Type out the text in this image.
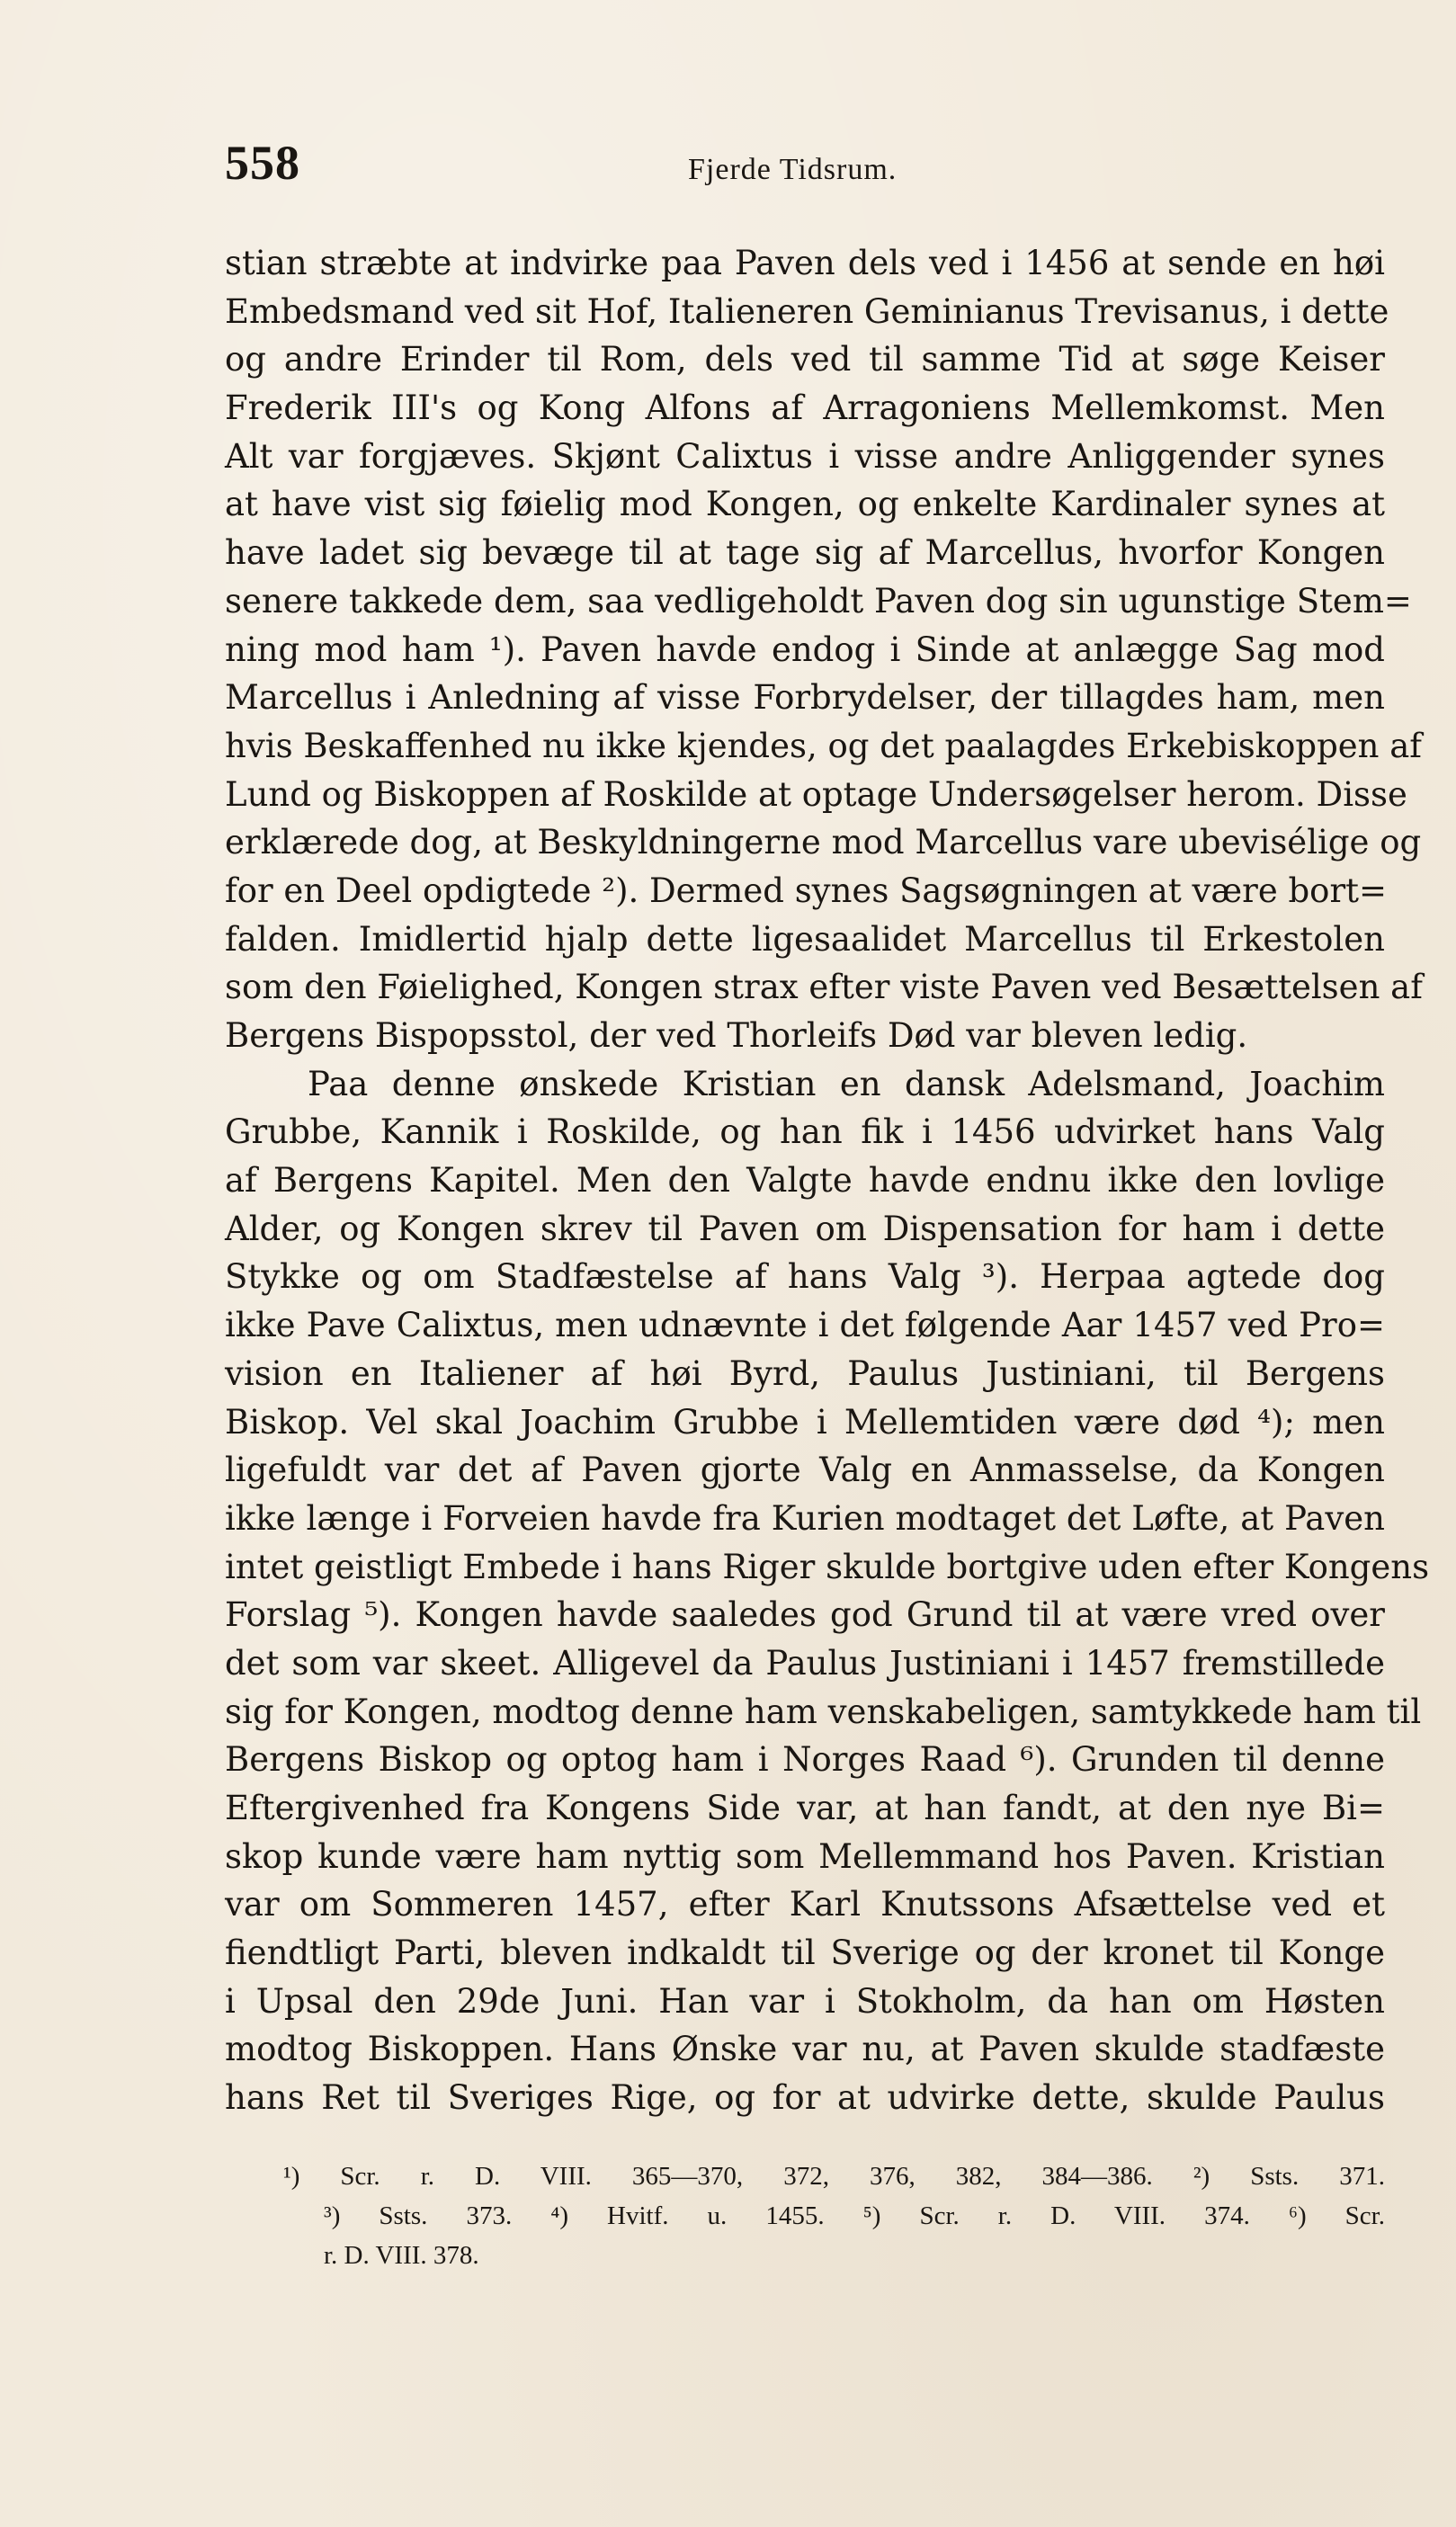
558	Fjerde Tidsrum.
stian stræbte at indvirke paa Paven dels ved i 1456 at sende en høi
Embedsmand ved sit Hof, Italieneren Geminianus Trevisanus, i dette
og andre Erinder til Rom, dels ved til samme Tid at søge Keiser
Frederik III's og Kong Alfons af Arragoniens Mellemkomst. Men
Alt var forgjæves. Skjønt Calixtus i visse andre Anliggender synes
at have vist sig føielig mod Kongen, og enkelte Kardinaler synes at
have ladet sig bevæge til at tage sig af Marcellus, hvorfor Kongen
senere takkede dem, saa vedligeholdt Paven dog sin ugunstige Stem=
ning mod ham ¹). Paven havde endog i Sinde at anlægge Sag mod
Marcellus i Anledning af visse Forbrydelser, der tillagdes ham, men
hvis Beskaffenhed nu ikke kjendes, og det paalagdes Erkebiskoppen af
Lund og Biskoppen af Roskilde at optage Undersøgelser herom. Disse
erklærede dog, at Beskyldningerne mod Marcellus vare ubevisélige og
for en Deel opdigtede ²). Dermed synes Sagsøgningen at være bort=
falden. Imidlertid hjalp dette ligesaalidet Marcellus til Erkestolen
som den Føielighed, Kongen strax efter viste Paven ved Besættelsen af
Bergens Bispopsstol, der ved Thorleifs Død var bleven ledig.
Paa denne ønskede Kristian en dansk Adelsmand, Joachim
Grubbe, Kannik i Roskilde, og han fik i 1456 udvirket hans Valg
af Bergens Kapitel. Men den Valgte havde endnu ikke den lovlige
Alder, og Kongen skrev til Paven om Dispensation for ham i dette
Stykke og om Stadfæstelse af hans Valg ³). Herpaa agtede dog
ikke Pave Calixtus, men udnævnte i det følgende Aar 1457 ved Pro=
vision en Italiener af høi Byrd, Paulus Justiniani, til Bergens
Biskop. Vel skal Joachim Grubbe i Mellemtiden være død ⁴); men
ligefuldt var det af Paven gjorte Valg en Anmasselse, da Kongen
ikke længe i Forveien havde fra Kurien modtaget det Løfte, at Paven
intet geistligt Embede i hans Riger skulde bortgive uden efter Kongens
Forslag ⁵). Kongen havde saaledes god Grund til at være vred over
det som var skeet. Alligevel da Paulus Justiniani i 1457 fremstillede
sig for Kongen, modtog denne ham venskabeligen, samtykkede ham til
Bergens Biskop og optog ham i Norges Raad ⁶). Grunden til denne
Eftergivenhed fra Kongens Side var, at han fandt, at den nye Bi=
skop kunde være ham nyttig som Mellemmand hos Paven. Kristian
var om Sommeren 1457, efter Karl Knutssons Afsættelse ved et
fiendtligt Parti, bleven indkaldt til Sverige og der kronet til Konge
i Upsal den 29de Juni. Han var i Stokholm, da han om Høsten
modtog Biskoppen. Hans Ønske var nu, at Paven skulde stadfæste
hans Ret til Sveriges Rige, og for at udvirke dette, skulde Paulus
¹) Scr. r. D. VIII. 365—370, 372, 376, 382, 384—386. ²) Ssts. 371.
³) Ssts. 373. ⁴) Hvitf. u. 1455. ⁵) Scr. r. D. VIII. 374. ⁶) Scr.
r. D. VIII. 378.
